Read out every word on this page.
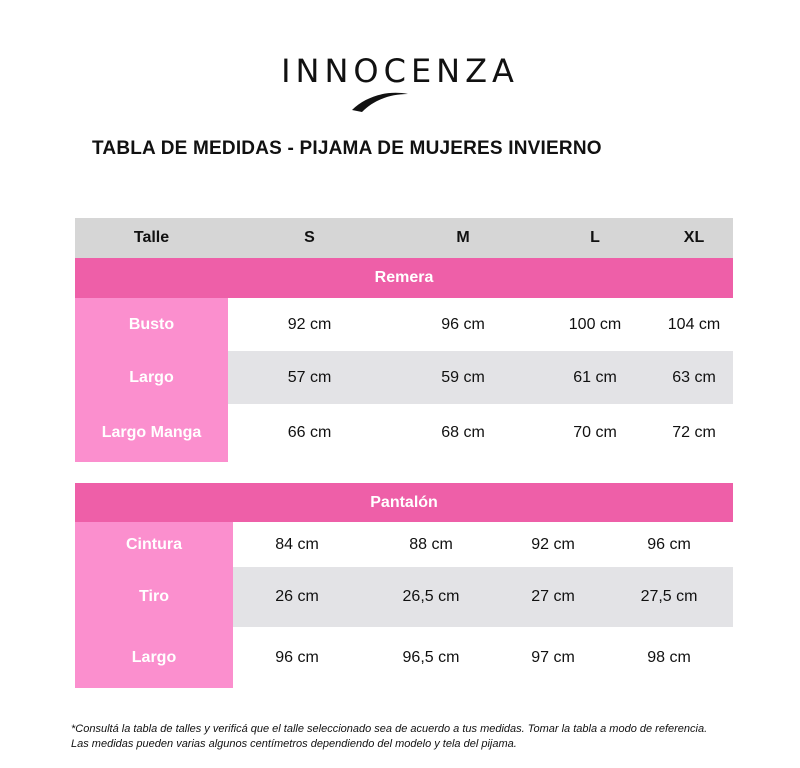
INNOCENZA
TABLA DE MEDIDAS - PIJAMA DE MUJERES INVIERNO
Talle	S	M	L	XL
Remera				
Busto	92 cm	96 cm	100 cm	104 cm
Largo	57 cm	59 cm	61 cm	63 cm
Largo Manga	66 cm	68 cm	70 cm	72 cm
Pantalón				
Cintura	84 cm	88 cm	92 cm	96 cm
Tiro	26 cm	26,5 cm	27 cm	27,5 cm
Largo	96 cm	96,5 cm	97 cm	98 cm
*Consultá la tabla de talles y verificá que el talle seleccionado sea de acuerdo a tus medidas. Tomar la tabla a modo de referencia.
Las medidas pueden varias algunos centímetros dependiendo del modelo y tela del pijama.
